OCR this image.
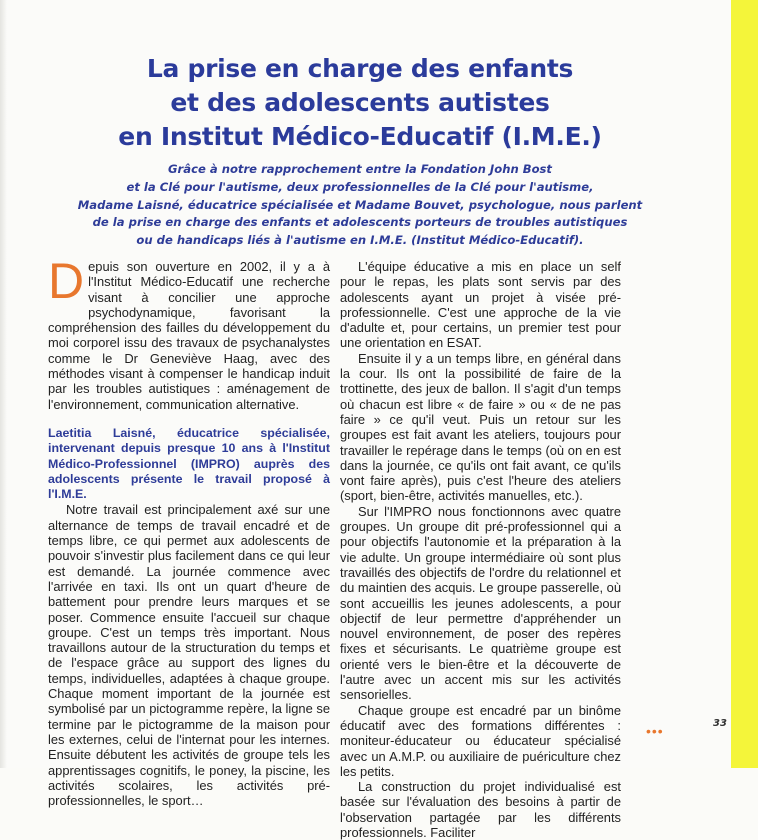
La prise en charge des enfants
et des adolescents autistes
en Institut Médico-Educatif (I.M.E.)
Grâce à notre rapprochement entre la Fondation John Bost
et la Clé pour l'autisme, deux professionnelles de la Clé pour l'autisme,
Madame Laisné, éducatrice spécialisée et Madame Bouvet, psychologue, nous parlent
de la prise en charge des enfants et adolescents porteurs de troubles autistiques
ou de handicaps liés à l'autisme en I.M.E. (Institut Médico-Educatif).

Depuis son ouverture en 2002, il y a à l'Institut Médico-Educatif une recherche visant à concilier une approche psychodynamique, favorisant la compréhension des failles du développement du moi corporel issu des travaux de psychanalystes comme le Dr Geneviève Haag, avec des méthodes visant à compenser le handicap induit par les troubles autistiques : aménagement de l'environnement, communication alternative.

Laetitia Laisné, éducatrice spécialisée, intervenant depuis presque 10 ans à l'Institut Médico-Professionnel (IMPRO) auprès des adolescents présente le travail proposé à l'I.M.E.

Notre travail est principalement axé sur une alternance de temps de travail encadré et de temps libre, ce qui permet aux adolescents de pouvoir s'investir plus facilement dans ce qui leur est demandé. La journée commence avec l'arrivée en taxi. Ils ont un quart d'heure de battement pour prendre leurs marques et se poser. Commence ensuite l'accueil sur chaque groupe. C'est un temps très important. Nous travaillons autour de la structuration du temps et de l'espace grâce au support des lignes du temps, individuelles, adaptées à chaque groupe. Chaque moment important de la journée est symbolisé par un pictogramme repère, la ligne se termine par le pictogramme de la maison pour les externes, celui de l'internat pour les internes. Ensuite débutent les activités de groupe tels les apprentissages cognitifs, le poney, la piscine, les activités scolaires, les activités pré-professionnelles, le sport…

L'équipe éducative a mis en place un self pour le repas, les plats sont servis par des adolescents ayant un projet à visée pré-professionnelle. C'est une approche de la vie d'adulte et, pour certains, un premier test pour une orientation en ESAT.

Ensuite il y a un temps libre, en général dans la cour. Ils ont la possibilité de faire de la trottinette, des jeux de ballon. Il s'agit d'un temps où chacun est libre « de faire » ou « de ne pas faire » ce qu'il veut. Puis un retour sur les groupes est fait avant les ateliers, toujours pour travailler le repérage dans le temps (où on en est dans la journée, ce qu'ils ont fait avant, ce qu'ils vont faire après), puis c'est l'heure des ateliers (sport, bien-être, activités manuelles, etc.).

Sur l'IMPRO nous fonctionnons avec quatre groupes. Un groupe dit pré-professionnel qui a pour objectifs l'autonomie et la préparation à la vie adulte. Un groupe intermédiaire où sont plus travaillés des objectifs de l'ordre du relationnel et du maintien des acquis. Le groupe passerelle, où sont accueillis les jeunes adolescents, a pour objectif de leur permettre d'appréhender un nouvel environnement, de poser des repères fixes et sécurisants. Le quatrième groupe est orienté vers le bien-être et la découverte de l'autre avec un accent mis sur les activités sensorielles.

Chaque groupe est encadré par un binôme éducatif avec des formations différentes : moniteur-éducateur ou éducateur spécialisé avec un A.M.P. ou auxiliaire de puériculture chez les petits.

La construction du projet individualisé est basée sur l'évaluation des besoins à partir de l'observation partagée par les différents professionnels. Faciliter

•••	33
